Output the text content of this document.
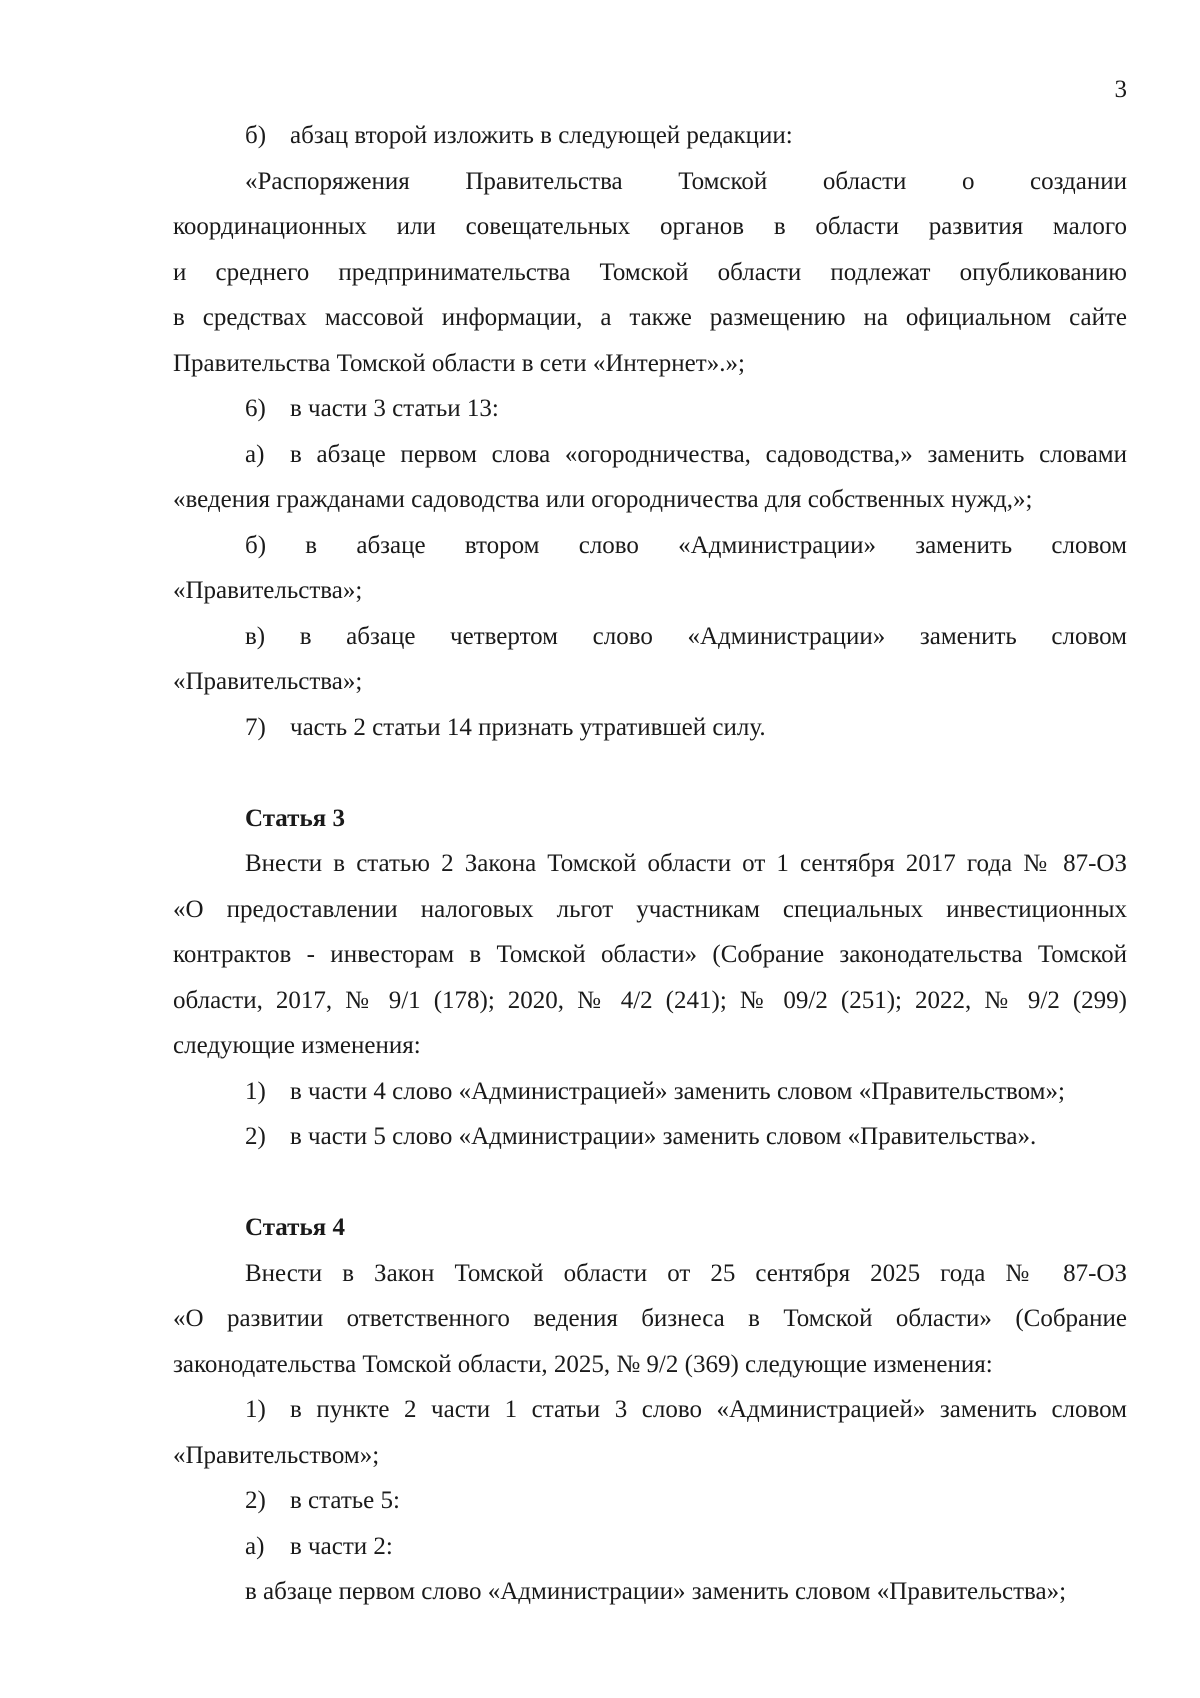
3
б) абзац второй изложить в следующей редакции:
«Распоряжения Правительства Томской области о создании
координационных или совещательных органов в области развития малого
и среднего предпринимательства Томской области подлежат опубликованию
в средствах массовой информации, а также размещению на официальном сайте
Правительства Томской области в сети «Интернет».»;
6) в части 3 статьи 13:
а) в абзаце первом слова «огородничества, садоводства,» заменить словами
«ведения гражданами садоводства или огородничества для собственных нужд,»;
б) в абзаце втором слово «Администрации» заменить словом
«Правительства»;
в) в абзаце четвертом слово «Администрации» заменить словом
«Правительства»;
7) часть 2 статьи 14 признать утратившей силу.
Статья 3
Внести в статью 2 Закона Томской области от 1 сентября 2017 года № 87-ОЗ
«О предоставлении налоговых льгот участникам специальных инвестиционных
контрактов - инвесторам в Томской области» (Собрание законодательства Томской
области, 2017, № 9/1 (178); 2020, № 4/2 (241); № 09/2 (251); 2022, № 9/2 (299)
следующие изменения:
1) в части 4 слово «Администрацией» заменить словом «Правительством»;
2) в части 5 слово «Администрации» заменить словом «Правительства».
Статья 4
Внести в Закон Томской области от 25 сентября 2025 года № 87-ОЗ
«О развитии ответственного ведения бизнеса в Томской области» (Собрание
законодательства Томской области, 2025, № 9/2 (369) следующие изменения:
1) в пункте 2 части 1 статьи 3 слово «Администрацией» заменить словом
«Правительством»;
2) в статье 5:
а) в части 2:
в абзаце первом слово «Администрации» заменить словом «Правительства»;
